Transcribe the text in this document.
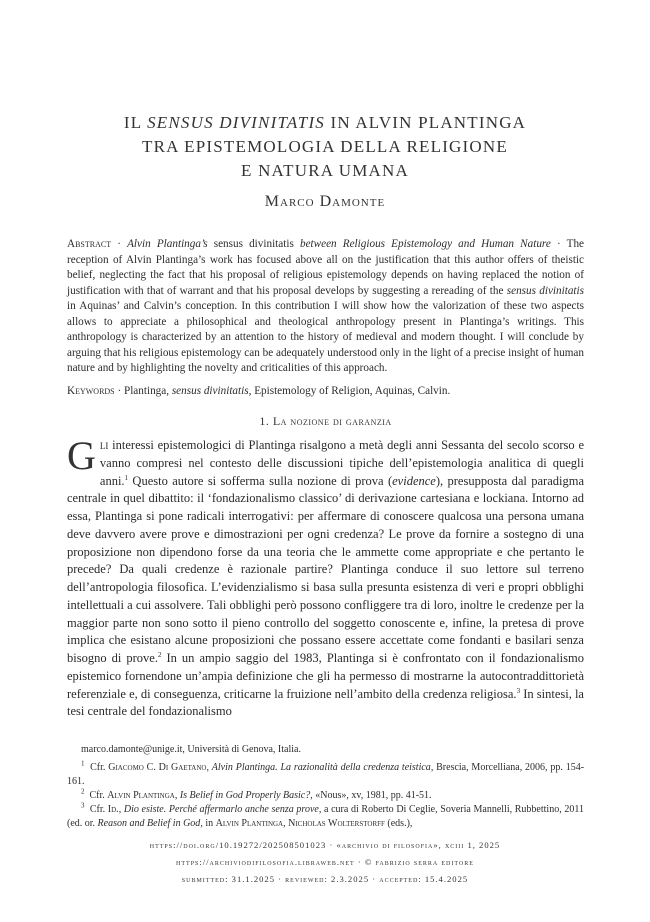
IL SENSUS DIVINITATIS IN ALVIN PLANTINGA
TRA EPISTEMOLOGIA DELLA RELIGIONE
E NATURA UMANA
Marco Damonte
Abstract · Alvin Plantinga’s sensus divinitatis between Religious Epistemology and Human Nature · The reception of Alvin Plantinga’s work has focused above all on the justification that this author offers of theistic belief, neglecting the fact that his proposal of religious epistemology depends on having replaced the notion of justification with that of warrant and that his proposal develops by suggesting a rereading of the sensus divinitatis in Aquinas’ and Calvin’s conception. In this contribution I will show how the valorization of these two aspects allows to appreciate a philosophical and theological anthropology present in Plantinga’s writings. This anthropology is characterized by an attention to the history of medieval and modern thought. I will conclude by arguing that his religious epistemology can be adequately understood only in the light of a precise insight of human nature and by highlighting the novelty and criticalities of this approach.
Keywords · Plantinga, sensus divinitatis, Epistemology of Religion, Aquinas, Calvin.
1. La nozione di garanzia
Gli interessi epistemologici di Plantinga risalgono a metà degli anni Sessanta del secolo scorso e vanno compresi nel contesto delle discussioni tipiche dell’epistemologia analitica di quegli anni.$^1$ Questo autore si sofferma sulla nozione di prova (evidence), presupposta dal paradigma centrale in quel dibattito: il ‘fondazionalismo classico’ di derivazione cartesiana e lockiana. Intorno ad essa, Plantinga si pone radicali interrogativi: per affermare di conoscere qualcosa una persona umana deve davvero avere prove e dimostrazioni per ogni credenza? Le prove da fornire a sostegno di una proposizione non dipendono forse da una teoria che le ammette come appropriate e che pertanto le precede? Da quali credenze è razionale partire? Plantinga conduce il suo lettore sul terreno dell’antropologia filosofica. L’evidenzialismo si basa sulla presunta esistenza di veri e propri obblighi intellettuali a cui assolvere. Tali obblighi però possono confliggere tra di loro, inoltre le credenze per la maggior parte non sono sotto il pieno controllo del soggetto conoscente e, infine, la pretesa di prove implica che esistano alcune proposizioni che possano essere accettate come fondanti e basilari senza bisogno di prove.$^2$ In un ampio saggio del 1983, Plantinga si è confrontato con il fondazionalismo epistemico fornendone un’ampia definizione che gli ha permesso di mostrarne la autocontraddittorietà referenziale e, di conseguenza, criticarne la fruizione nell’ambito della credenza religiosa.$^3$ In sintesi, la tesi centrale del fondazionalismo
marco.damonte@unige.it, Università di Genova, Italia.
$^1$ Cfr. Giacomo C. Di Gaetano, Alvin Plantinga. La razionalità della credenza teistica, Brescia, Morcelliana, 2006, pp. 154-161.
$^2$ Cfr. Alvin Plantinga, Is Belief in God Properly Basic?, «Nous», xv, 1981, pp. 41-51.
$^3$ Cfr. Id., Dio esiste. Perché affermarlo anche senza prove, a cura di Roberto Di Ceglie, Soveria Mannelli, Rubbettino, 2011 (ed. or. Reason and Belief in God, in Alvin Plantinga, Nicholas Wolterstorff (eds.),
https://doi.org/10.19272/202508501023 · «archivio di filosofia», xciii 1, 2025
https://archiviodifilosofia.libraweb.net · © fabrizio serra editore
submitted: 31.1.2025 · reviewed: 2.3.2025 · accepted: 15.4.2025
